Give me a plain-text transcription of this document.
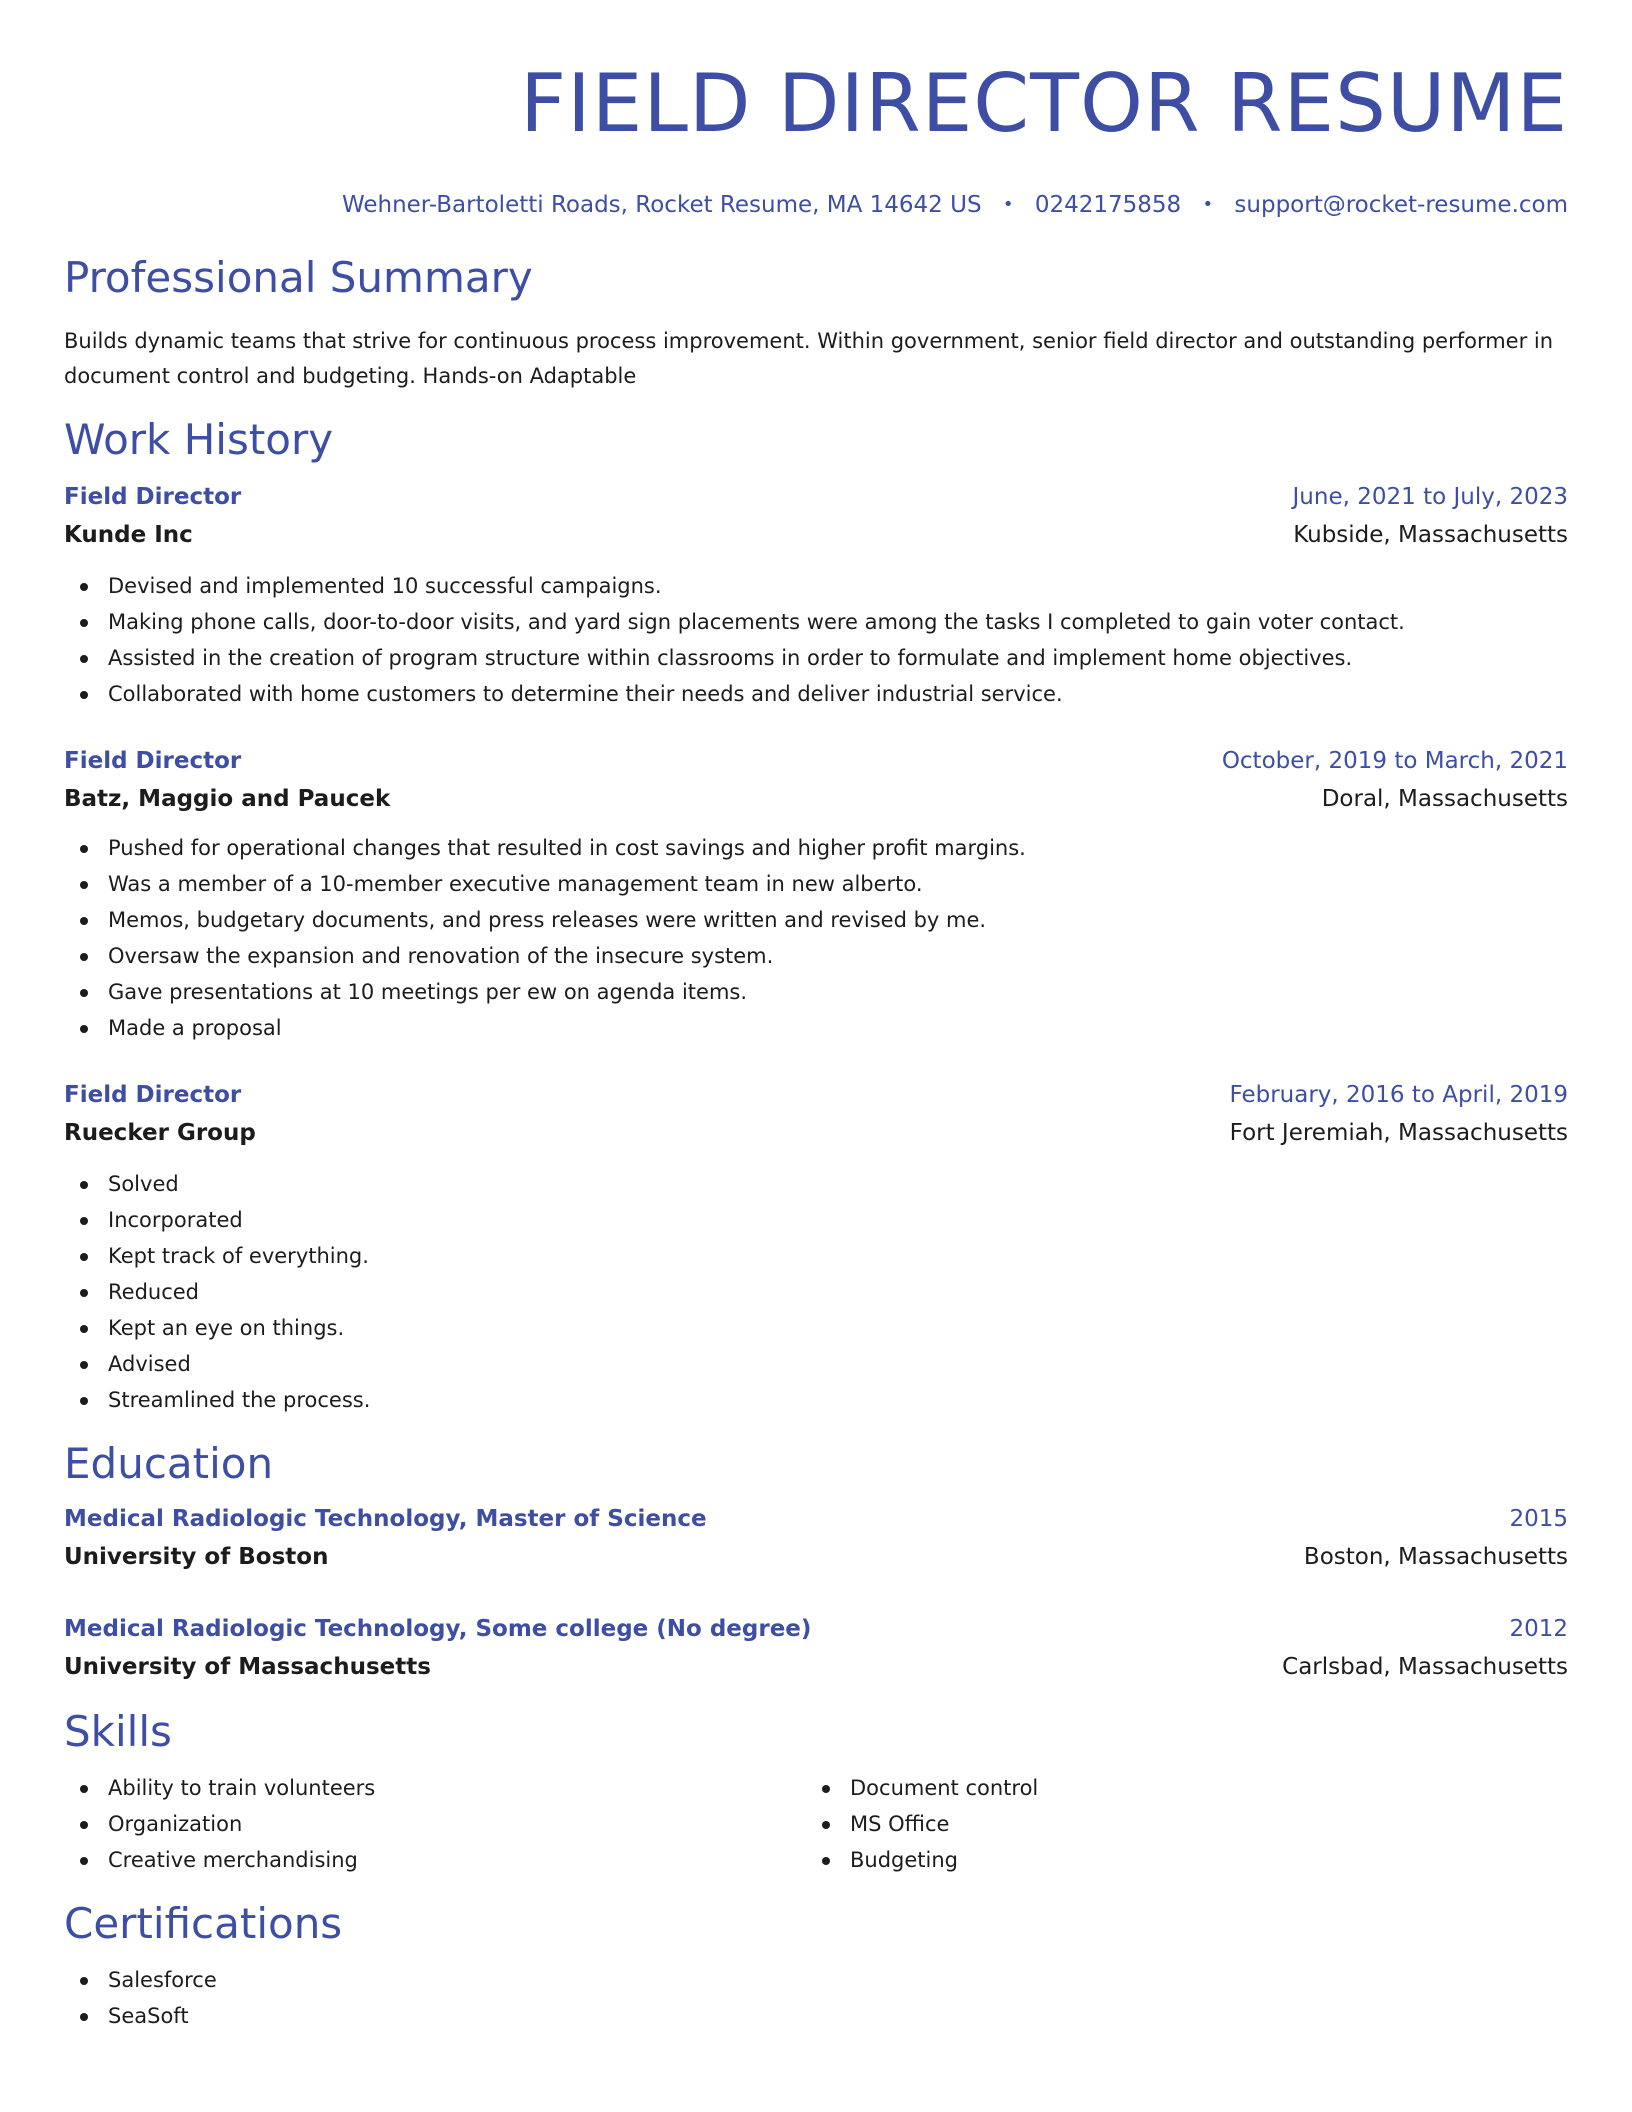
FIELD DIRECTOR RESUME
Wehner-Bartoletti Roads, Rocket Resume, MA 14642 US • 0242175858 • support@rocket-resume.com
Professional Summary

Builds dynamic teams that strive for continuous process improvement. Within government, senior field director and outstanding performer in document control and budgeting. Hands-on Adaptable

Work History
Field Director	June, 2021 to July, 2023
Kunde Inc	Kubside, Massachusetts
Devised and implemented 10 successful campaigns.
Making phone calls, door-to-door visits, and yard sign placements were among the tasks I completed to gain voter contact.
Assisted in the creation of program structure within classrooms in order to formulate and implement home objectives.
Collaborated with home customers to determine their needs and deliver industrial service.
Field Director	October, 2019 to March, 2021
Batz, Maggio and Paucek	Doral, Massachusetts
Pushed for operational changes that resulted in cost savings and higher profit margins.
Was a member of a 10-member executive management team in new alberto.
Memos, budgetary documents, and press releases were written and revised by me.
Oversaw the expansion and renovation of the insecure system.
Gave presentations at 10 meetings per ew on agenda items.
Made a proposal
Field Director	February, 2016 to April, 2019
Ruecker Group	Fort Jeremiah, Massachusetts
Solved
Incorporated
Kept track of everything.
Reduced
Kept an eye on things.
Advised
Streamlined the process.
Education
Medical Radiologic Technology, Master of Science	2015
University of Boston	Boston, Massachusetts
Medical Radiologic Technology, Some college (No degree)	2012
University of Massachusetts	Carlsbad, Massachusetts
Skills
Ability to train volunteers
Organization
Creative merchandising
Document control
MS Office
Budgeting
Certifications
Salesforce
SeaSoft
